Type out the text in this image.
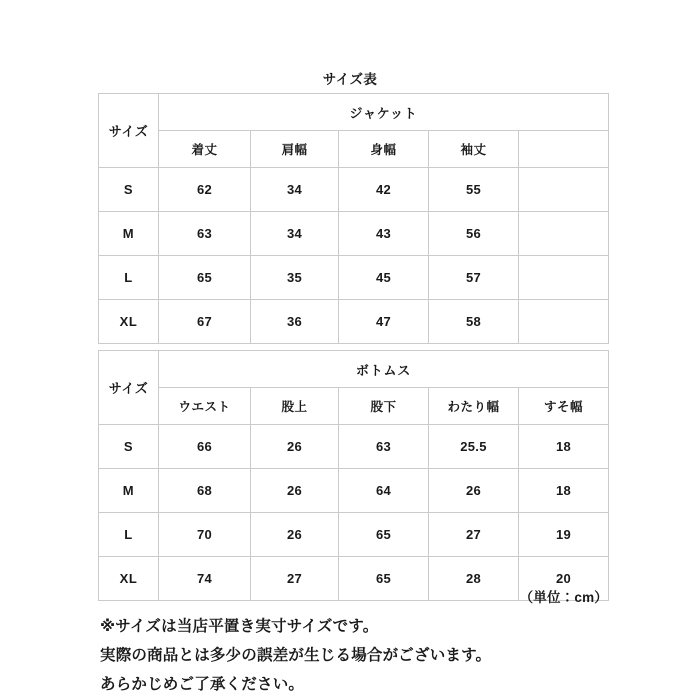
サイズ表
サイズ	ジャケット				
	着丈	肩幅	身幅	袖丈	
S	62	34	42	55	
M	63	34	43	56	
L	65	35	45	57	
XL	67	36	47	58	
サイズ	ボトムス				
	ウエスト	股上	股下	わたり幅	すそ幅
S	66	26	63	25.5	18
M	68	26	64	26	18
L	70	26	65	27	19
XL	74	27	65	28	20
（単位：cm）
※サイズは当店平置き実寸サイズです。
実際の商品とは多少の誤差が生じる場合がございます。
あらかじめご了承ください。
